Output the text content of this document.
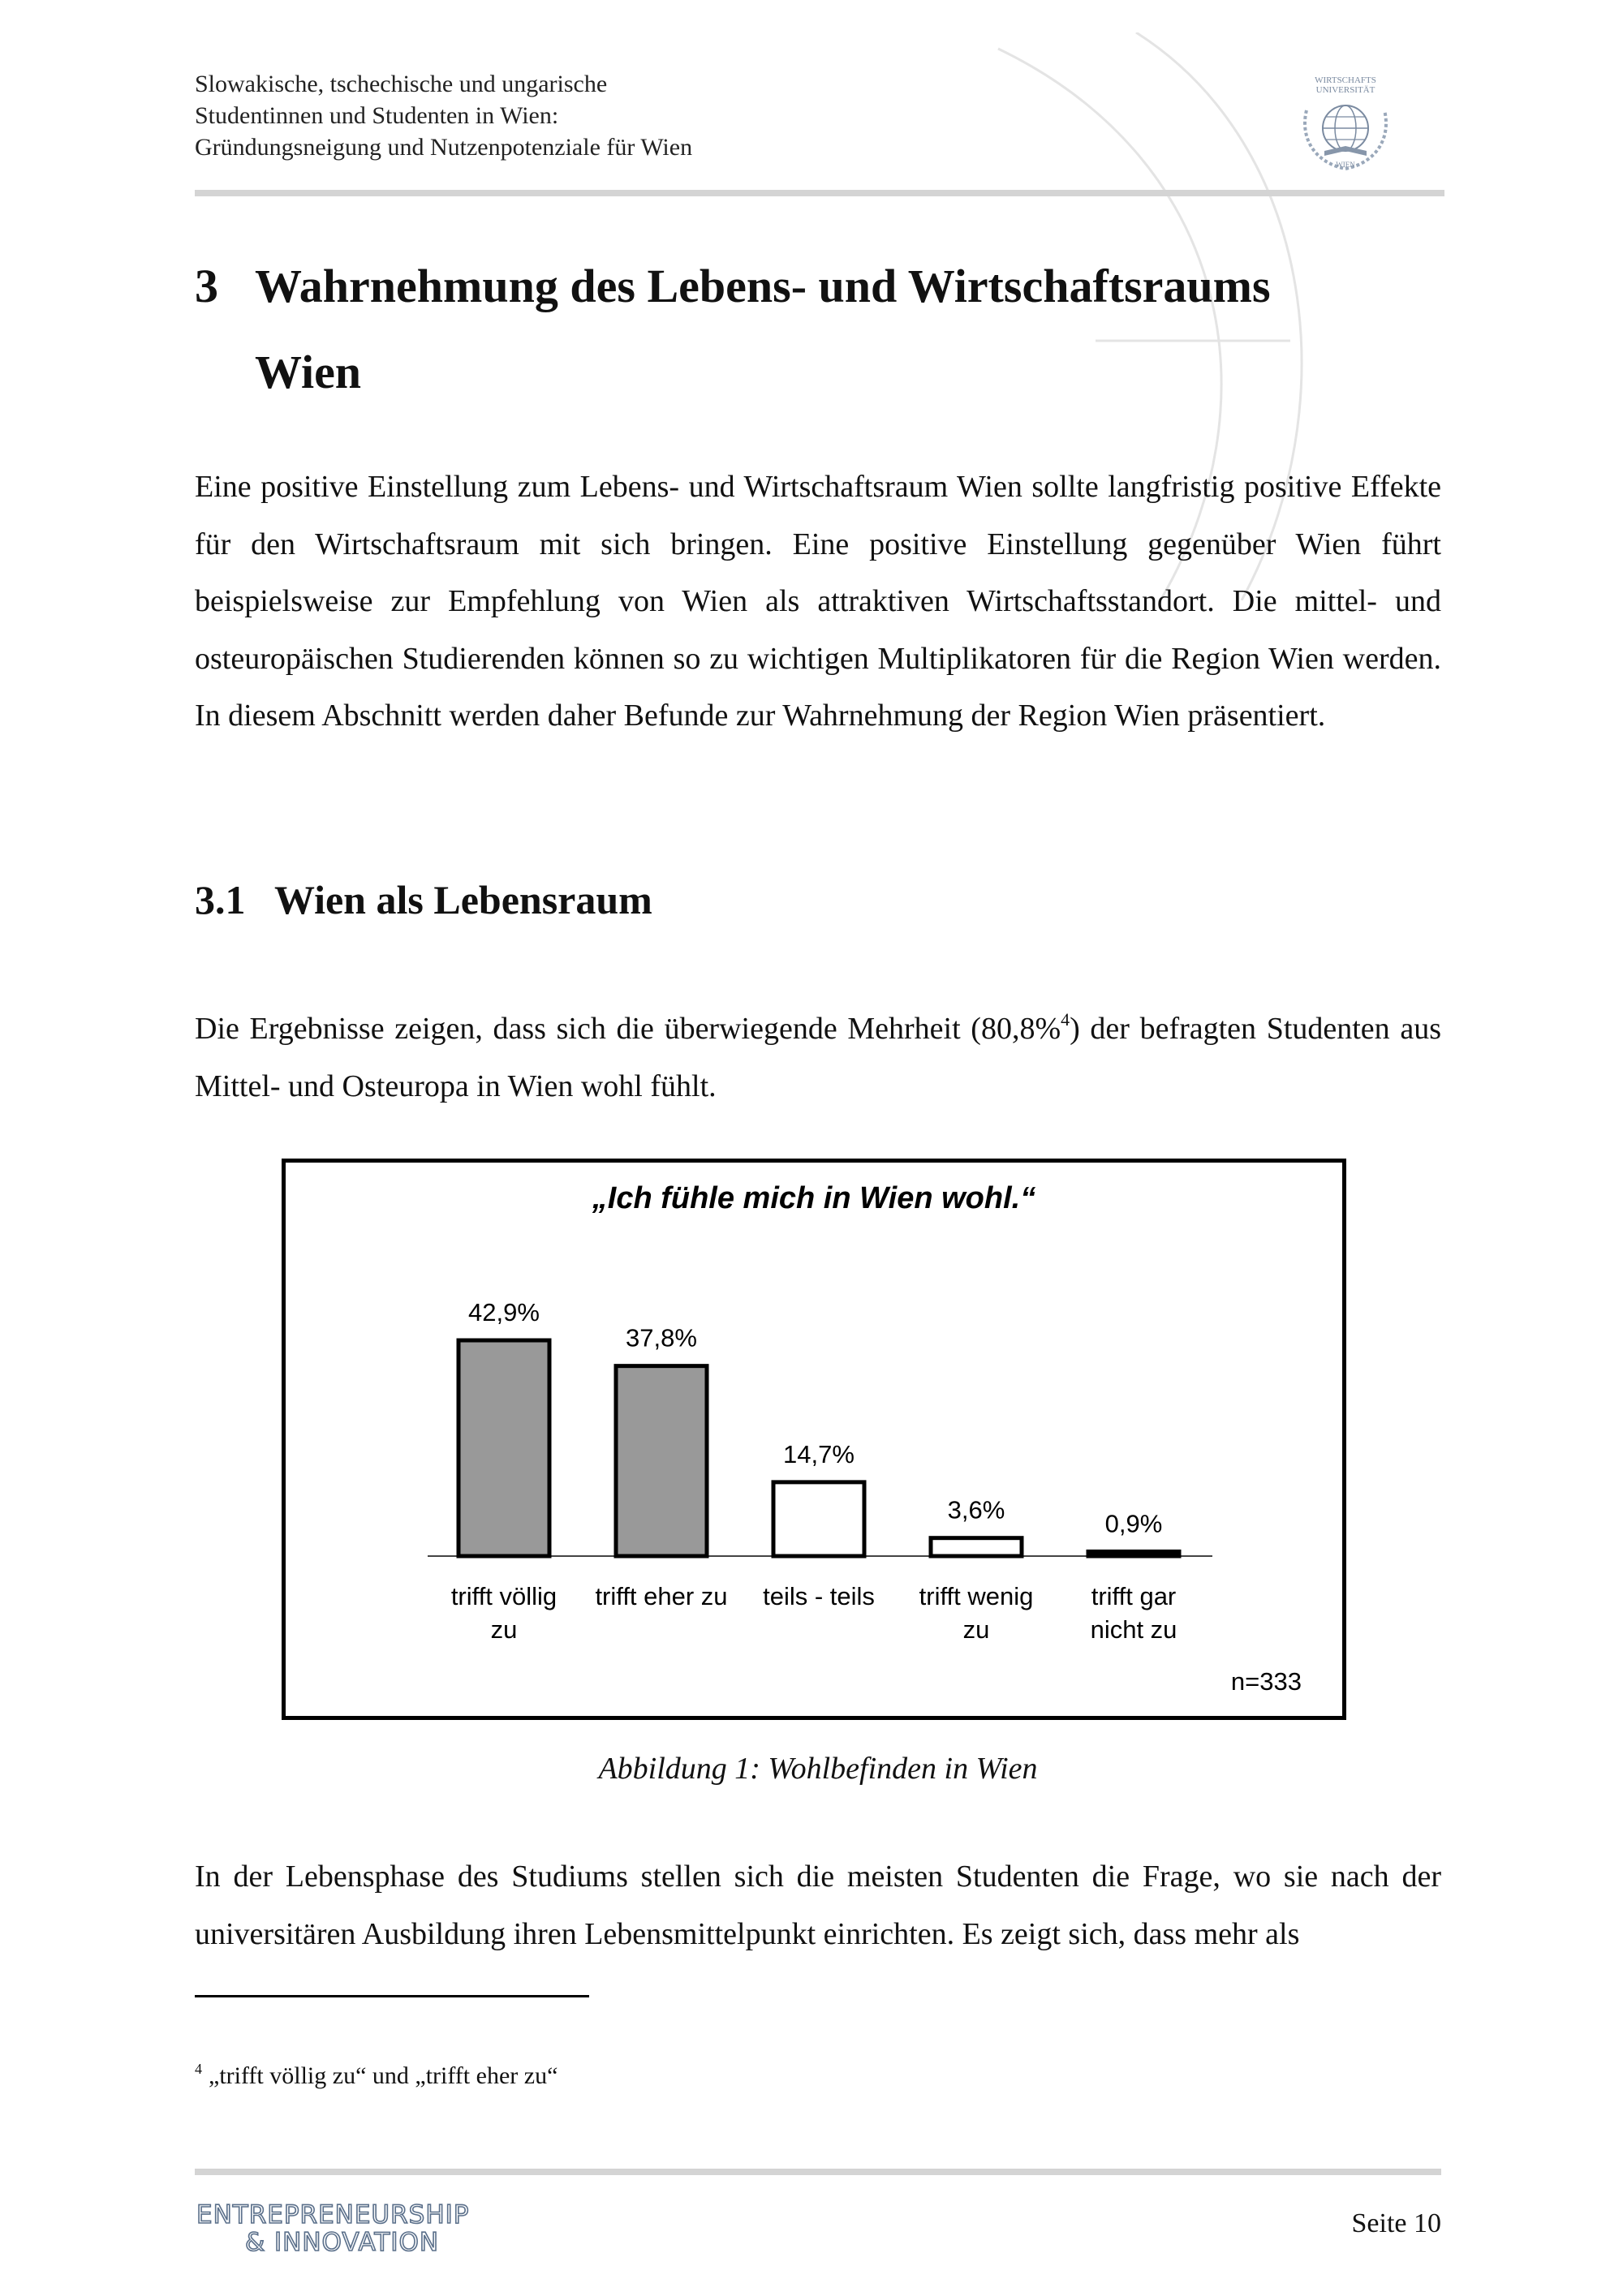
Slowakische, tschechische und ungarische
Studentinnen und Studenten in Wien:
Gründungsneigung und Nutzenpotenziale für Wien
WIRTSCHAFTS
UNIVERSITÄT
WIEN
3 Wahrnehmung des Lebens- und Wirtschaftsraums
Wien

Eine positive Einstellung zum Lebens- und Wirtschaftsraum Wien sollte langfristig positive Effekte für den Wirtschaftsraum mit sich bringen. Eine positive Einstellung gegenüber Wien führt beispielsweise zur Empfehlung von Wien als attraktiven Wirtschaftsstandort. Die mittel- und osteuropäischen Studierenden können so zu wichtigen Multiplikatoren für die Region Wien werden. In diesem Abschnitt werden daher Befunde zur Wahrnehmung der Region Wien präsentiert.

3.1 Wien als Lebensraum

Die Ergebnisse zeigen, dass sich die überwiegende Mehrheit (80,8%$^4$) der befragten Studenten aus Mittel- und Osteuropa in Wien wohl fühlt.

„Ich fühle mich in Wien wohl.“
42,9%
trifft völlig
zu
37,8%
trifft eher zu
14,7%
teils - teils
3,6%
trifft wenig
zu
0,9%
trifft gar
nicht zu
n=333
Abbildung 1: Wohlbefinden in Wien

In der Lebensphase des Studiums stellen sich die meisten Studenten die Frage, wo sie nach der universitären Ausbildung ihren Lebensmittelpunkt einrichten. Es zeigt sich, dass mehr als

$^4$ „trifft völlig zu“ und „trifft eher zu“
ENTREPRENEURSHIP
& INNOVATION
Seite 10
